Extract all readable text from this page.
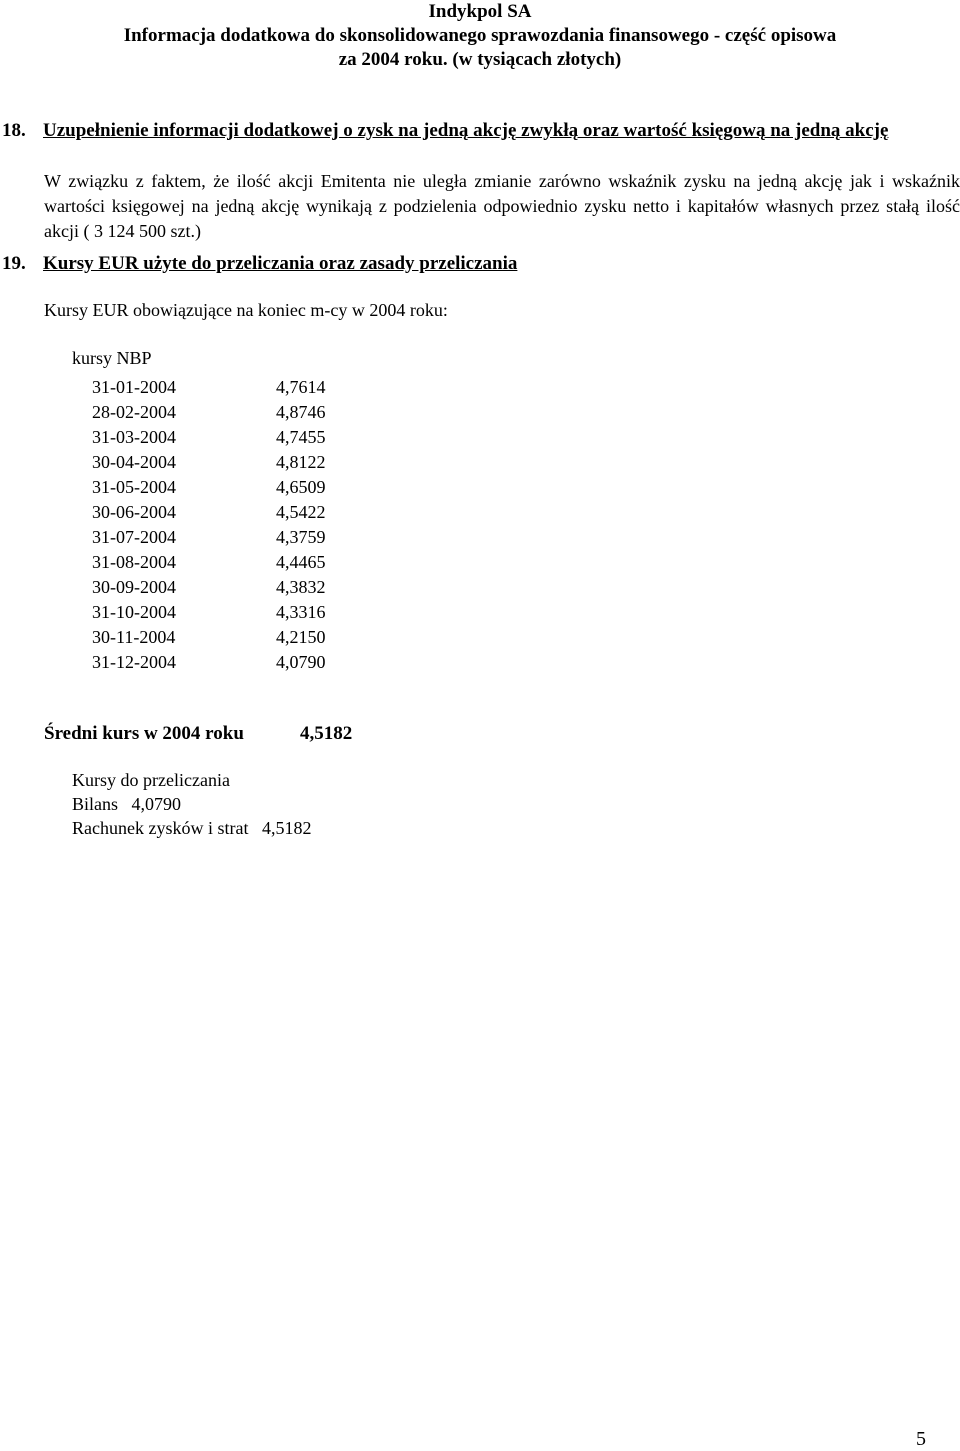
Indykpol SA
Informacja dodatkowa do skonsolidowanego sprawozdania finansowego - część opisowa
za 2004 roku. (w tysiącach złotych)
18. Uzupełnienie informacji dodatkowej o zysk na jedną akcję zwykłą oraz wartość księgową na jedną akcję
W związku z faktem, że ilość akcji Emitenta nie uległa zmianie zarówno wskaźnik zysku na jedną akcję jak i wskaźnik wartości księgowej na jedną akcję wynikają z podzielenia odpowiednio zysku netto i kapitałów własnych przez stałą ilość akcji ( 3 124 500 szt.)
19. Kursy EUR użyte do przeliczania oraz zasady przeliczania
Kursy EUR obowiązujące na koniec m-cy w 2004 roku:
kursy NBP
31-01-2004	4,7614
28-02-2004	4,8746
31-03-2004	4,7455
30-04-2004	4,8122
31-05-2004	4,6509
30-06-2004	4,5422
31-07-2004	4,3759
31-08-2004	4,4465
30-09-2004	4,3832
31-10-2004	4,3316
30-11-2004	4,2150
31-12-2004	4,0790
Średni kurs w 2004 roku	4,5182
Kursy do przeliczania
Bilans 4,0790
Rachunek zysków i strat 4,5182
5
